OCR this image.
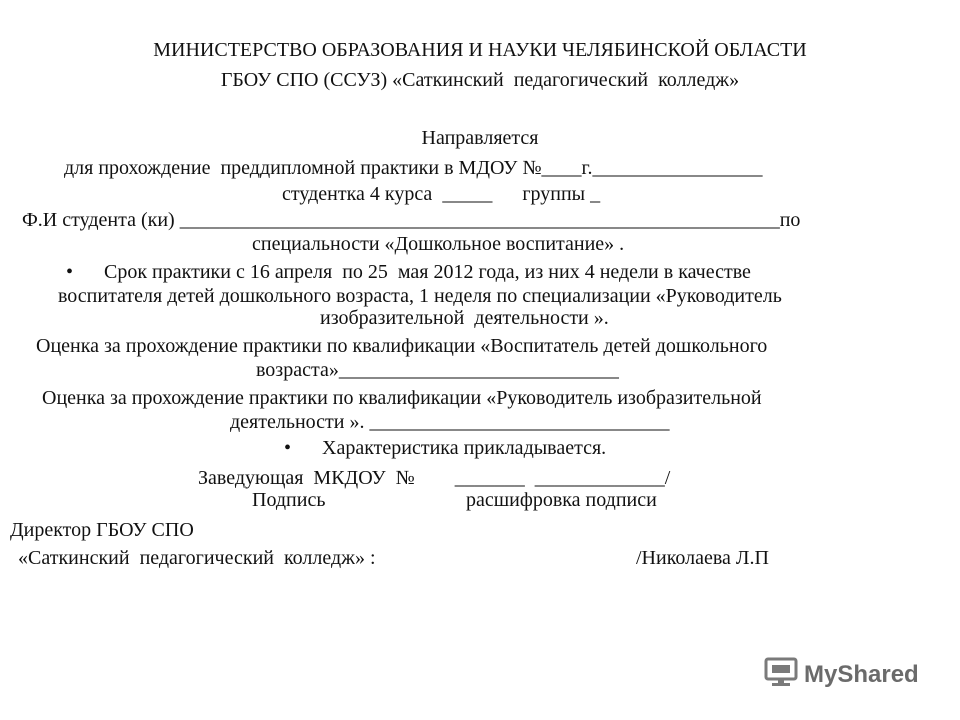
МИНИСТЕРСТВО ОБРАЗОВАНИЯ И НАУКИ ЧЕЛЯБИНСКОЙ ОБЛАСТИ
ГБОУ СПО (ССУЗ) «Саткинский  педагогический  колледж»
Направляется
для прохождение  преддипломной практики в МДОУ №____г._________________
студентка 4 курса  _____      группы _
Ф.И студента (ки) ____________________________________________________________по
специальности «Дошкольное воспитание» .
• Срок практики с 16 апреля  по 25  мая 2012 года, из них 4 недели в качестве
воспитателя детей дошкольного возраста, 1 неделя по специализации «Руководитель
изобразительной  деятельности ».
Оценка за прохождение практики по квалификации «Воспитатель детей дошкольного
возраста»____________________________
Оценка за прохождение практики по квалификации «Руководитель изобразительной
деятельности ». ______________________________
• Характеристика прикладывается.
Заведующая  МКДОУ  №        _______  _____________/
Подпись	расшифровка подписи
Директор ГБОУ СПО
«Саткинский  педагогический  колледж» :	/Николаева Л.П
MyShared
